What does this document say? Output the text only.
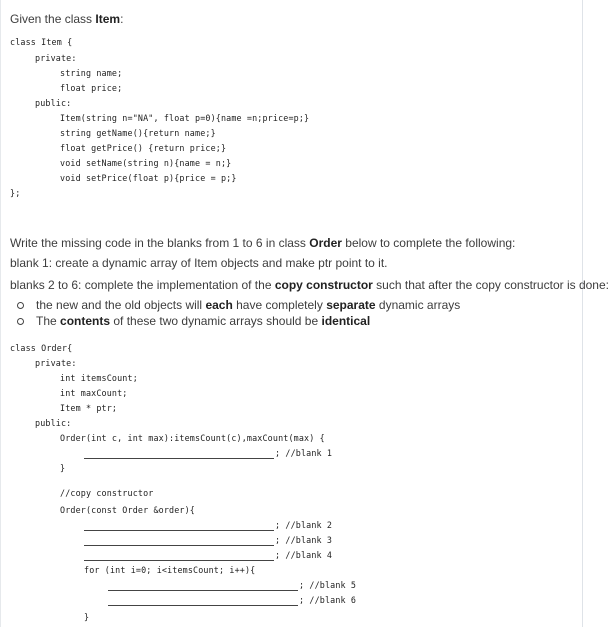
Given the class Item:
class Item {
private:
string name;
float price;
public:
Item(string n="NA", float p=0){name =n;price=p;}
string getName(){return name;}
float getPrice() {return price;}
void setName(string n){name = n;}
void setPrice(float p){price = p;}
};
Write the missing code in the blanks from 1 to 6 in class Order below to complete the following:
blank 1: create a dynamic array of Item objects and make ptr point to it.
blanks 2 to 6: complete the implementation of the copy constructor such that after the copy constructor is done:
the new and the old objects will each have completely separate dynamic arrays
The contents of these two dynamic arrays should be identical
class Order{
private:
int itemsCount;
int maxCount;
Item * ptr;
public:
Order(int c, int max):itemsCount(c),maxCount(max) {
; //blank 1
}
//copy constructor
Order(const Order &order){
; //blank 2
; //blank 3
; //blank 4
for (int i=0; i<itemsCount; i++){
; //blank 5
; //blank 6
}
